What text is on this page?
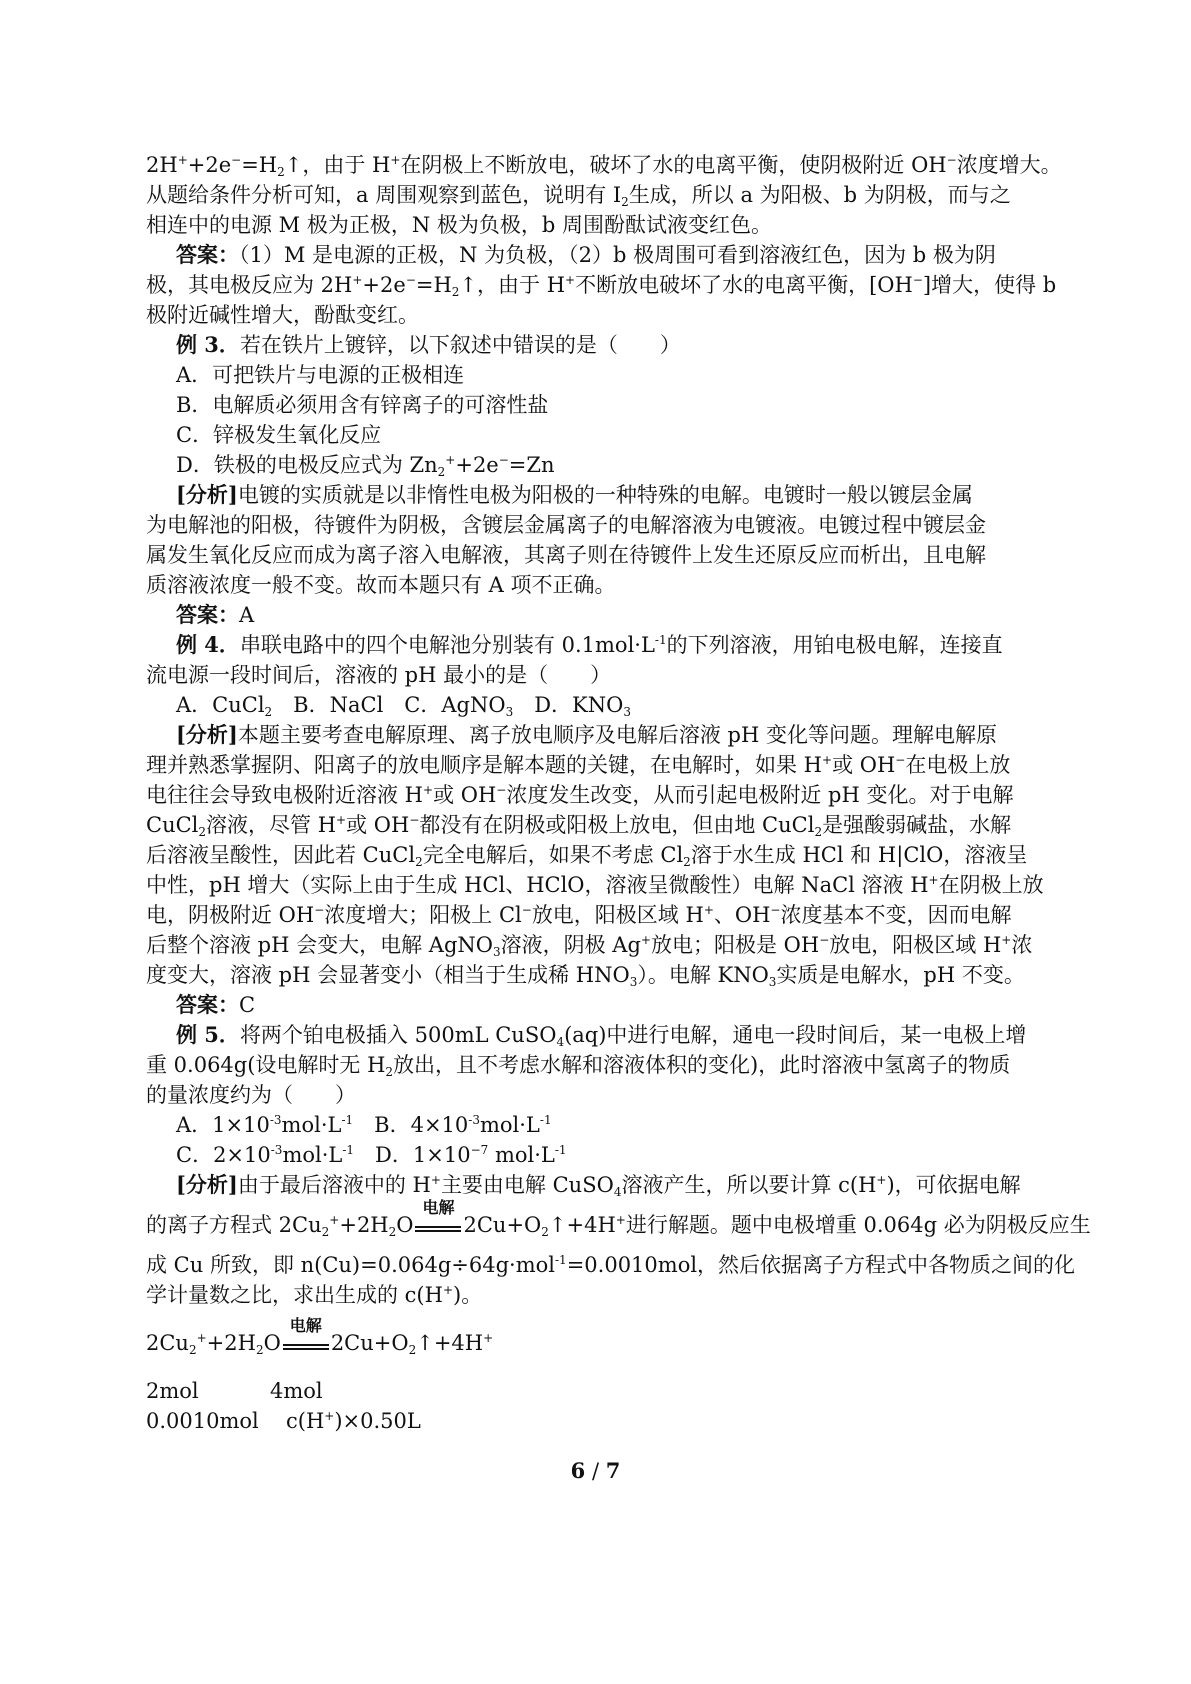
$2H^++2e^-=H_2↑$，由于 H+在阴极上不断放电，破坏了水的电离平衡，使阴极附近 OH−浓度增大。
从题给条件分析可知，a 周围观察到蓝色，说明有 $I_2$生成，所以 a 为阳极、b 为阴极，而与之
相连中的电源 M 极为正极，N 极为负极，b 周围酚酞试液变红色。
答案：（1）M 是电源的正极，N 为负极，（2）b 极周围可看到溶液红色，因为 b 极为阴
极，其电极反应为 $2H^++2e^-=H_2↑$，由于 H+不断放电破坏了水的电离平衡，[OH−]增大，使得 b
极附近碱性增大，酚酞变红。
例 3．若在铁片上镀锌，以下叙述中错误的是（　　）
A．可把铁片与电源的正极相连
B．电解质必须用含有锌离子的可溶性盐
C．锌极发生氧化反应
D．铁极的电极反应式为 $Zn_2^++2e^-=Zn$
[分析]电镀的实质就是以非惰性电极为阳极的一种特殊的电解。电镀时一般以镀层金属
为电解池的阳极，待镀件为阴极，含镀层金属离子的电解溶液为电镀液。电镀过程中镀层金
属发生氧化反应而成为离子溶入电解液，其离子则在待镀件上发生还原反应而析出，且电解
质溶液浓度一般不变。故而本题只有 A 项不正确。
答案：A
例 4．串联电路中的四个电解池分别装有 $0.1mol\cdot L^{-1}$的下列溶液，用铂电极电解，连接直
流电源一段时间后，溶液的 pH 最小的是（　　）
A．CuCl$_2$　B．NaCl　C．AgNO$_3$　D．$KNO_3$
[分析]本题主要考查电解原理、离子放电顺序及电解后溶液 pH 变化等问题。理解电解原
理并熟悉掌握阴、阳离子的放电顺序是解本题的关键，在电解时，如果 H+或 OH−在电极上放
电往往会导致电极附近溶液 H+或 OH−浓度发生改变，从而引起电极附近 pH 变化。对于电解
CuCl$_2$溶液，尽管 H+或 OH−都没有在阴极或阳极上放电，但由地 CuCl$_2$是强酸弱碱盐，水解
后溶液呈酸性，因此若 CuCl$_2$完全电解后，如果不考虑 $Cl_2$溶于水生成 HCl 和 H|ClO，溶液呈
中性，pH 增大（实际上由于生成 HCl、HClO，溶液呈微酸性）电解 NaCl 溶液 H+在阴极上放
电，阴极附近 OH−浓度增大；阳极上 Cl−放电，阳极区域 H+、OH−浓度基本不变，因而电解
后整个溶液 pH 会变大，电解 AgNO$_3$溶液，阴极 Ag+放电；阳极是 OH−放电，阳极区域 H+浓
度变大，溶液 pH 会显著变小（相当于生成稀 $HNO_3$）。电解 $KNO_3$实质是电解水，pH 不变。
答案：C
例 5．将两个铂电极插入 500mL CuSO$_4$(aq)中进行电解，通电一段时间后，某一电极上增
重 0.064g(设电解时无 $H_2$放出，且不考虑水解和溶液体积的变化)，此时溶液中氢离子的物质
的量浓度约为（　　）
A．$1\times 10^{-3}mol\cdot L^{-1}$　B．$4\times 10^{-3}mol\cdot L^{-1}$
C．$2\times 10^{-3}mol\cdot L^{-1}$　D．$1\times 10^{-7}$ $mol\cdot L^{-1}$
[分析]由于最后溶液中的 H+主要由电解 CuSO$_4$溶液产生，所以要计算 c(H+)，可依据电解
的离子方程式 $2Cu_2^++2H_2O$
电解
$2Cu+O_2↑+4H^+$进行解题。题中电极增重 0.064g 必为阴极反应生
成 Cu 所致，即 n(Cu)=0.064g÷64g·mol$^{-1}$=0.0010mol，然后依据离子方程式中各物质之间的化
学计量数之比，求出生成的 c(H+)。
$2Cu_2^++2H_2O$
电解
$2Cu+O_2↑+4H^+$
2mol	4mol
0.0010mol c(H+)×0.50L
6 / 7
